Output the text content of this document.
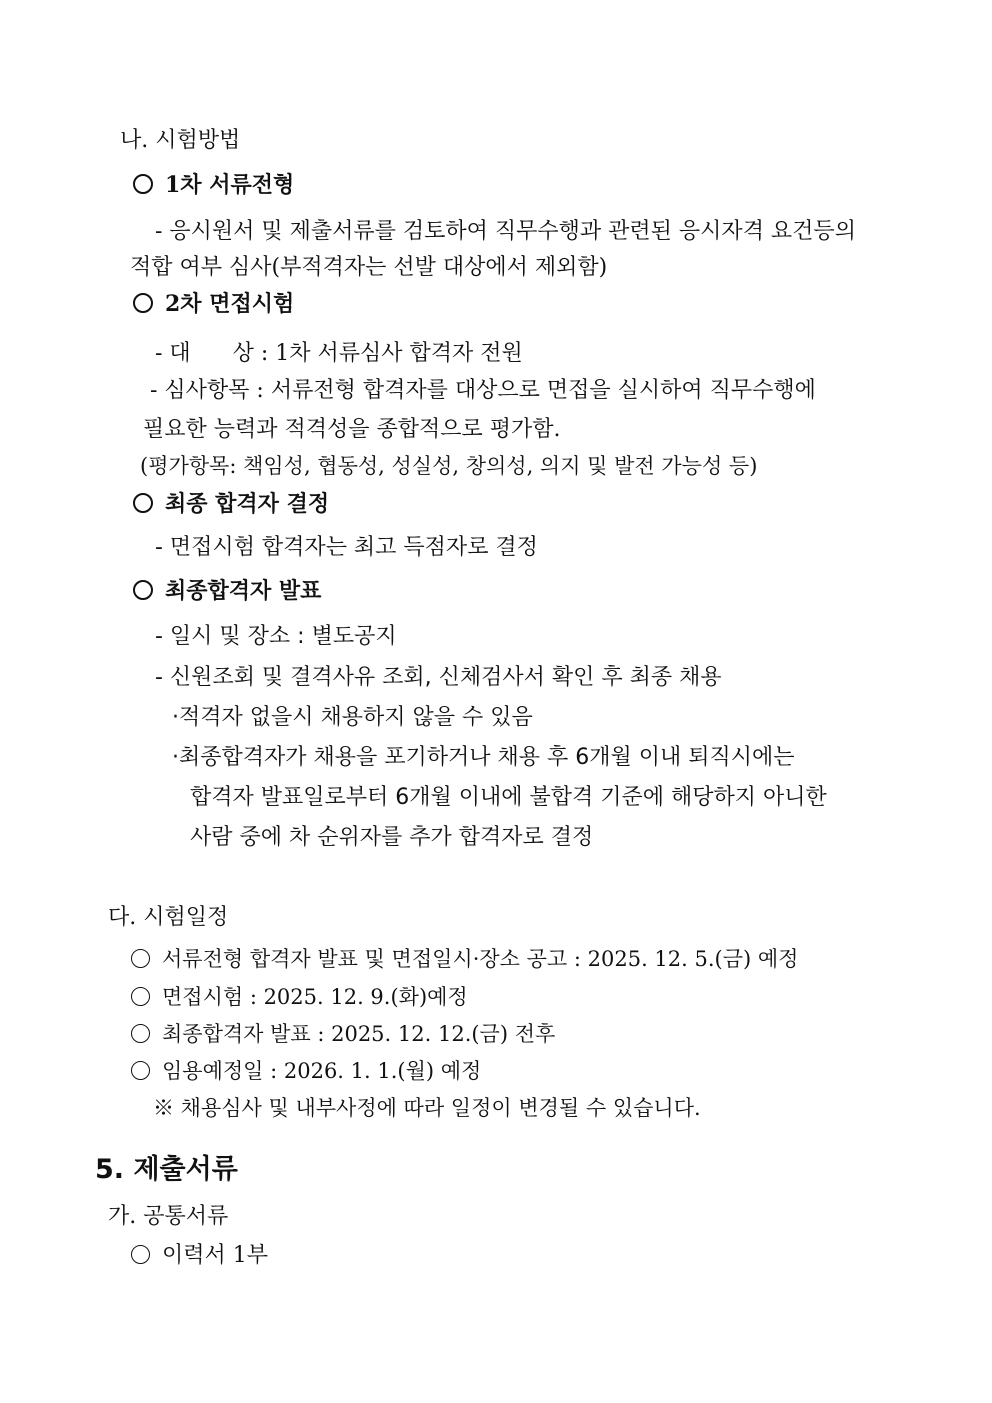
나. 시험방법
1차 서류전형
- 응시원서 및 제출서류를 검토하여 직무수행과 관련된 응시자격 요건등의
적합 여부 심사(부적격자는 선발 대상에서 제외함)
2차 면접시험
- 대      상 : 1차 서류심사 합격자 전원
- 심사항목 : 서류전형 합격자를 대상으로 면접을 실시하여 직무수행에
필요한 능력과 적격성을 종합적으로 평가함.
(평가항목: 책임성, 협동성, 성실성, 창의성, 의지 및 발전 가능성 등)
최종 합격자 결정
- 면접시험 합격자는 최고 득점자로 결정
최종합격자 발표
- 일시 및 장소 : 별도공지
- 신원조회 및 결격사유 조회, 신체검사서 확인 후 최종 채용
·적격자 없을시 채용하지 않을 수 있음
·최종합격자가 채용을 포기하거나 채용 후 6개월 이내 퇴직시에는
합격자 발표일로부터 6개월 이내에 불합격 기준에 해당하지 아니한
사람 중에 차 순위자를 추가 합격자로 결정
다. 시험일정
서류전형 합격자 발표 및 면접일시·장소 공고 : 2025. 12. 5.(금) 예정
면접시험 : 2025. 12. 9.(화)예정
최종합격자 발표 : 2025. 12. 12.(금) 전후
임용예정일 : 2026. 1. 1.(월) 예정
※ 채용심사 및 내부사정에 따라 일정이 변경될 수 있습니다.
5. 제출서류
가. 공통서류
이력서 1부
